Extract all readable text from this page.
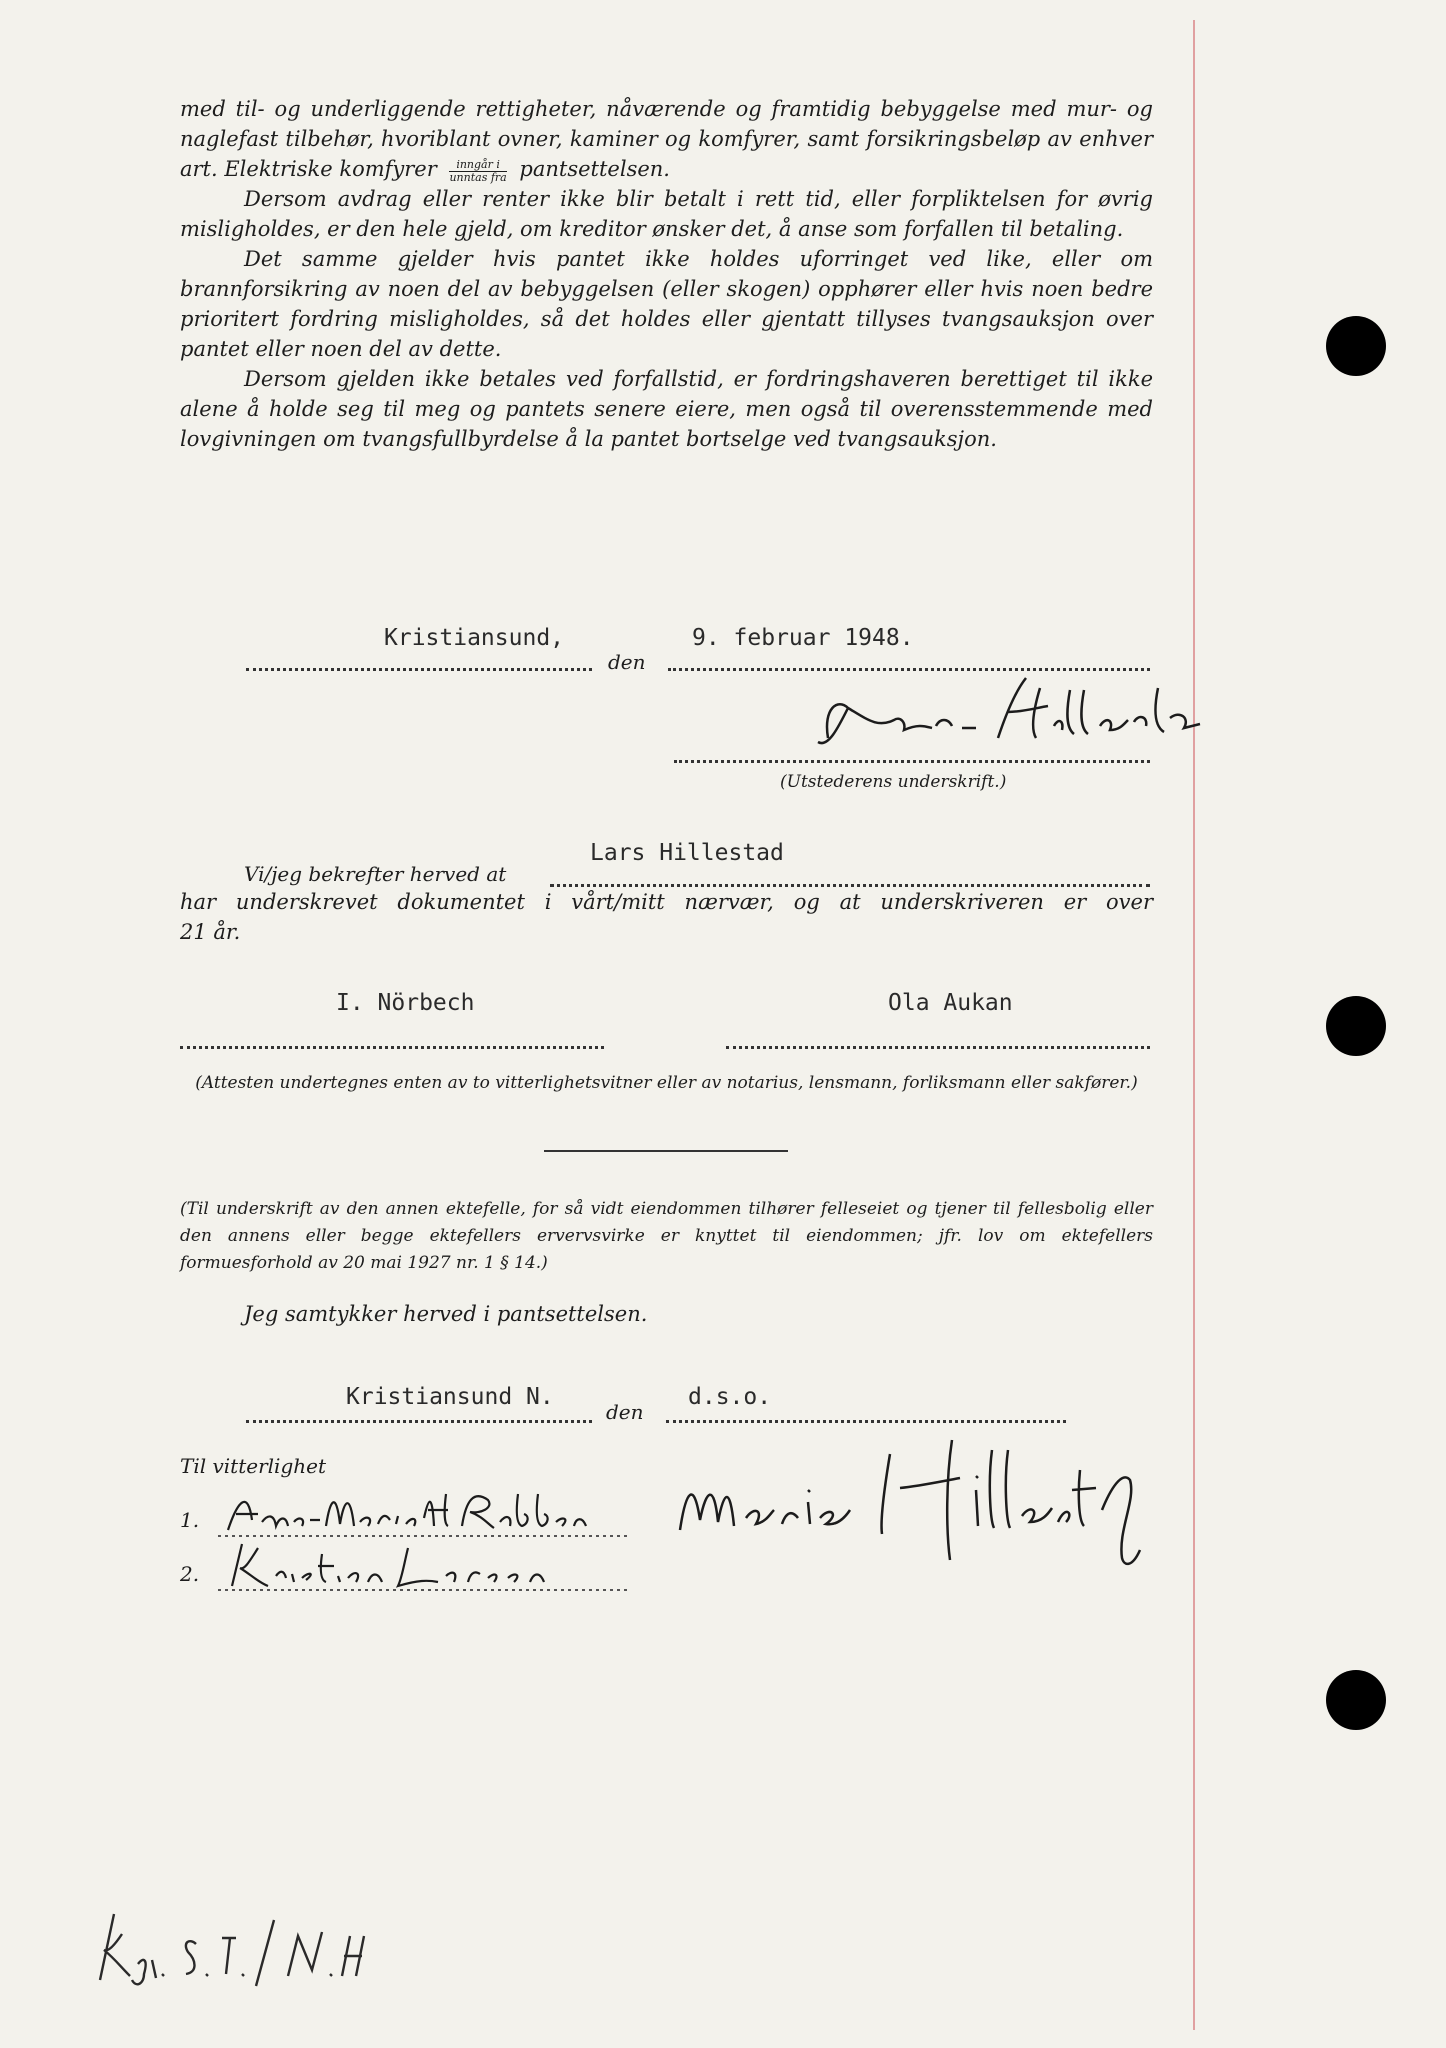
med til- og underliggende rettigheter, nåværende og framtidig bebyggelse med mur- og naglefast tilbehør, hvoriblant ovner, kaminer og komfyrer, samt forsikringsbeløp av enhver art. Elektriske komfyrer $\frac{\text{inngår i}}{\text{unntas fra}}$ pantsettelsen.

Dersom avdrag eller renter ikke blir betalt i rett tid, eller forpliktelsen for øvrig misligholdes, er den hele gjeld, om kreditor ønsker det, å anse som forfallen til betaling.

Det samme gjelder hvis pantet ikke holdes uforringet ved like, eller om brannforsikring av noen del av bebyggelsen (eller skogen) opphører eller hvis noen bedre prioritert fordring misligholdes, så det holdes eller gjentatt tillyses tvangsauksjon over pantet eller noen del av dette.

Dersom gjelden ikke betales ved forfallstid, er fordringshaveren berettiget til ikke alene å holde seg til meg og pantets senere eiere, men også til overensstemmende med lovgivningen om tvangsfullbyrdelse å la pantet bortselge ved tvangsauksjon.

Kristiansund,	9. februar 1948.
den
(Utstederens underskrift.)
Lars Hillestad
Vi/jeg bekrefter herved at
har underskrevet dokumentet i vårt/mitt nærvær, og at underskriveren er over
21 år.
I. Nörbech	Ola Aukan
(Attesten undertegnes enten av to vitterlighetsvitner eller av notarius, lensmann, forliksmann eller sakfører.)
(Til underskrift av den annen ektefelle, for så vidt eiendommen tilhører felleseiet og tjener til fellesbolig eller den annens eller begge ektefellers ervervsvirke er knyttet til eiendommen; jfr. lov om ektefellers formuesforhold av 20 mai 1927 nr. 1 § 14.)
Jeg samtykker herved i pantsettelsen.
Kristiansund N.	d.s.o.
den
Til vitterlighet
1.
2.
